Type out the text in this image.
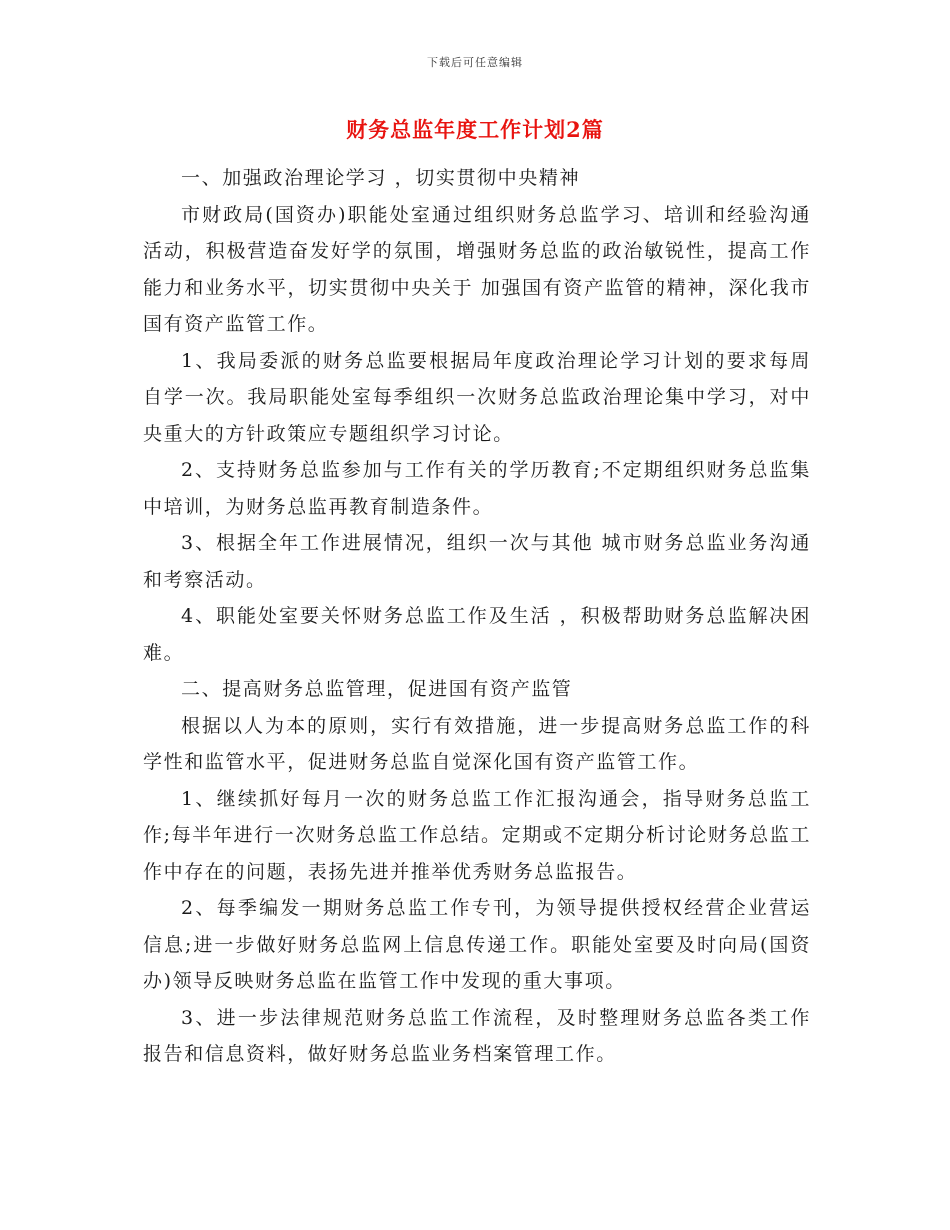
下载后可任意编辑
财务总监年度工作计划2篇

一、加强政治理论学习 ，切实贯彻中央精神

市财政局(国资办)职能处室通过组织财务总监学习、培训和经验沟通活动，积极营造奋发好学的氛围，增强财务总监的政治敏锐性，提高工作能力和业务水平，切实贯彻中央关于 加强国有资产监管的精神，深化我市国有资产监管工作。

1、我局委派的财务总监要根据局年度政治理论学习计划的要求每周自学一次。我局职能处室每季组织一次财务总监政治理论集中学习，对中央重大的方针政策应专题组织学习讨论。

2、支持财务总监参加与工作有关的学历教育;不定期组织财务总监集中培训，为财务总监再教育制造条件。

3、根据全年工作进展情况，组织一次与其他 城市财务总监业务沟通和考察活动。

4、职能处室要关怀财务总监工作及生活 ，积极帮助财务总监解决困难。

二、提高财务总监管理，促进国有资产监管

根据以人为本的原则，实行有效措施，进一步提高财务总监工作的科学性和监管水平，促进财务总监自觉深化国有资产监管工作。

1、继续抓好每月一次的财务总监工作汇报沟通会，指导财务总监工作;每半年进行一次财务总监工作总结。定期或不定期分析讨论财务总监工作中存在的问题，表扬先进并推举优秀财务总监报告。

2、每季编发一期财务总监工作专刊，为领导提供授权经营企业营运信息;进一步做好财务总监网上信息传递工作。职能处室要及时向局(国资办)领导反映财务总监在监管工作中发现的重大事项。

3、进一步法律规范财务总监工作流程，及时整理财务总监各类工作报告和信息资料，做好财务总监业务档案管理工作。
